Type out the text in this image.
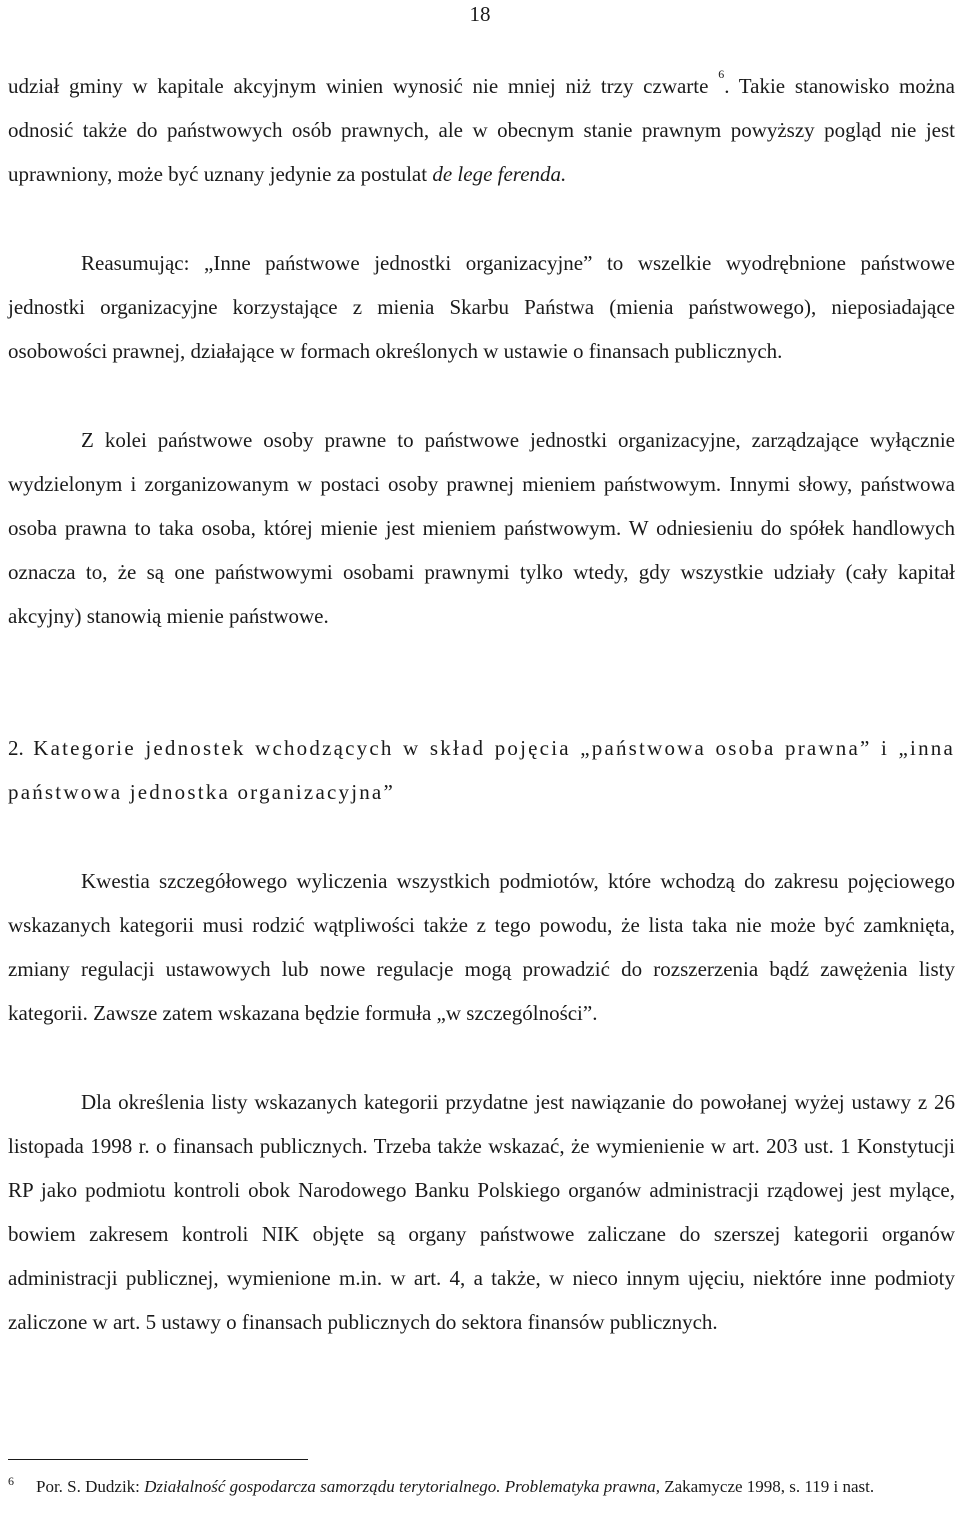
18

udział gminy w kapitale akcyjnym winien wynosić nie mniej niż trzy czwarte $^6$. Takie stanowisko można odnosić także do państwowych osób prawnych, ale w obecnym stanie prawnym powyższy pogląd nie jest uprawniony, może być uznany jedynie za postulat de lege ferenda.

Reasumując: „Inne państwowe jednostki organizacyjne” to wszelkie wyodrębnione państwowe jednostki organizacyjne korzystające z mienia Skarbu Państwa (mienia państwowego), nieposiadające osobowości prawnej, działające w formach określonych w ustawie o finansach publicznych.

Z kolei państwowe osoby prawne to państwowe jednostki organizacyjne, zarządzające wyłącznie wydzielonym i zorganizowanym w postaci osoby prawnej mieniem państwowym. Innymi słowy, państwowa osoba prawna to taka osoba, której mienie jest mieniem państwowym. W odniesieniu do spółek handlowych oznacza to, że są one państwowymi osobami prawnymi tylko wtedy, gdy wszystkie udziały (cały kapitał akcyjny) stanowią mienie państwowe.

2. Kategorie jednostek wchodzących w skład pojęcia „państwowa osoba prawna” i „inna państwowa jednostka organizacyjna”

Kwestia szczegółowego wyliczenia wszystkich podmiotów, które wchodzą do zakresu pojęciowego wskazanych kategorii musi rodzić wątpliwości także z tego powodu, że lista taka nie może być zamknięta, zmiany regulacji ustawowych lub nowe regulacje mogą prowadzić do rozszerzenia bądź zawężenia listy kategorii. Zawsze zatem wskazana będzie formuła „w szczególności”.

Dla określenia listy wskazanych kategorii przydatne jest nawiązanie do powołanej wyżej ustawy z 26 listopada 1998 r. o finansach publicznych. Trzeba także wskazać, że wymienienie w art. 203 ust. 1 Konstytucji RP jako podmiotu kontroli obok Narodowego Banku Polskiego organów administracji rządowej jest mylące, bowiem zakresem kontroli NIK objęte są organy państwowe zaliczane do szerszej kategorii organów administracji publicznej, wymienione m.in. w art. 4, a także, w nieco innym ujęciu, niektóre inne podmioty zaliczone w art. 5 ustawy o finansach publicznych do sektora finansów publicznych.

6 Por. S. Dudzik: Działalność gospodarcza samorządu terytorialnego. Problematyka prawna, Zakamycze 1998, s. 119 i nast.
